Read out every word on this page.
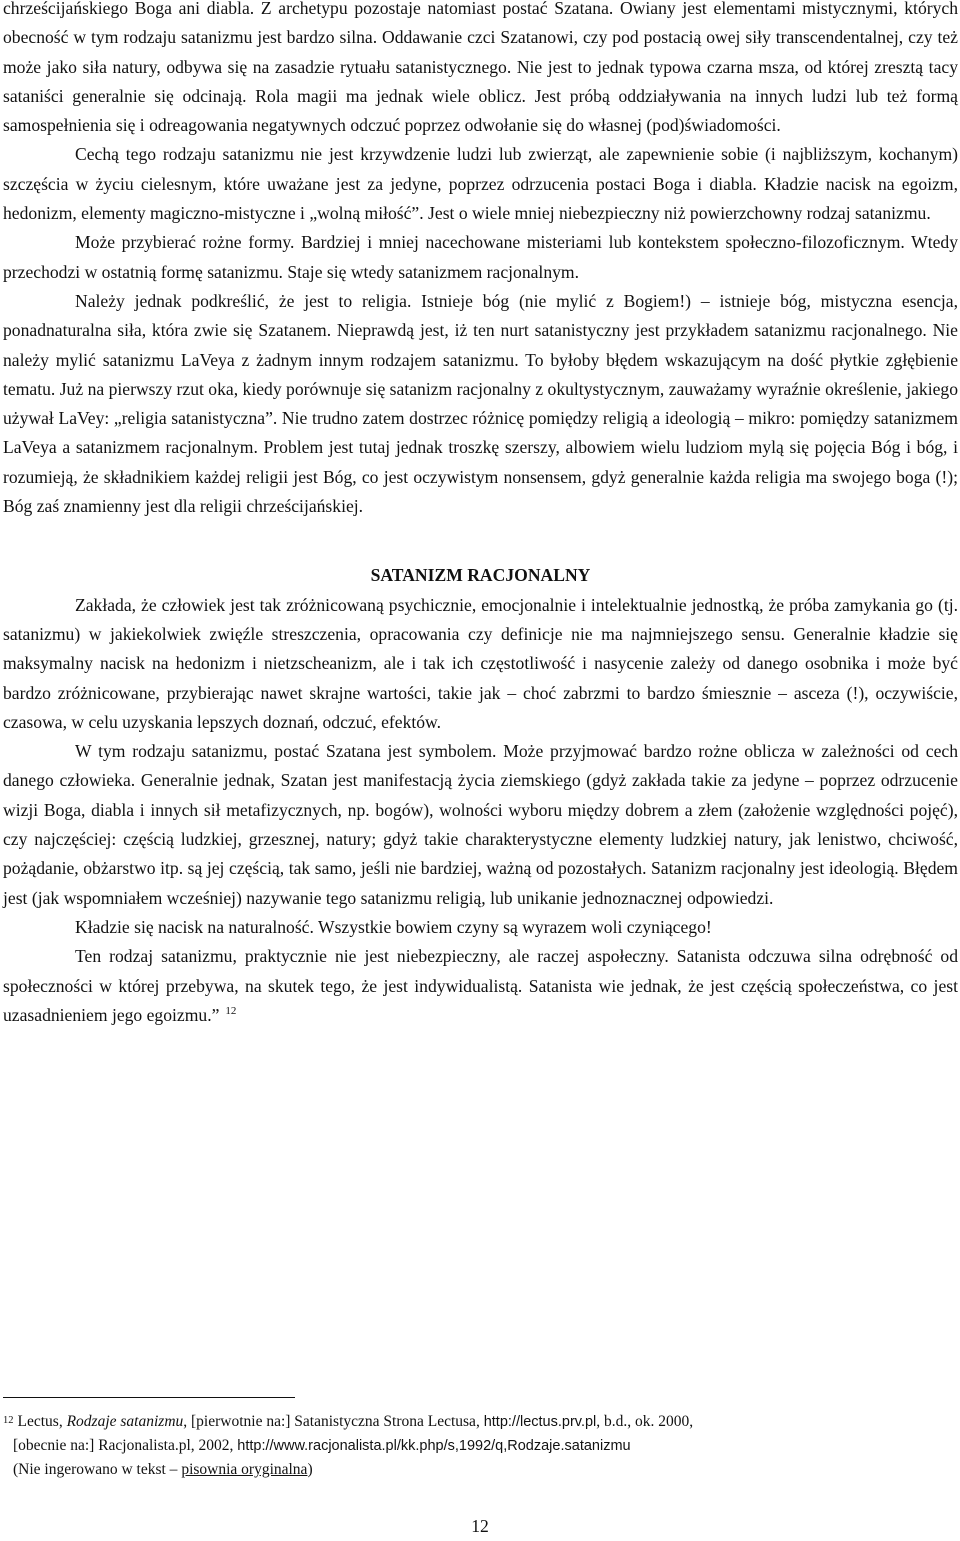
chrześcijańskiego Boga ani diabla. Z archetypu pozostaje natomiast postać Szatana. Owiany jest elementami mistycznymi, których obecność w tym rodzaju satanizmu jest bardzo silna. Oddawanie czci Szatanowi, czy pod postacią owej siły transcendentalnej, czy też może jako siła natury, odbywa się na zasadzie rytuału satanistycznego. Nie jest to jednak typowa czarna msza, od której zresztą tacy sataniści generalnie się odcinają. Rola magii ma jednak wiele oblicz. Jest próbą oddziaływania na innych ludzi lub też formą samospełnienia się i odreagowania negatywnych odczuć poprzez odwołanie się do własnej (pod)świadomości.

Cechą tego rodzaju satanizmu nie jest krzywdzenie ludzi lub zwierząt, ale zapewnienie sobie (i najbliższym, kochanym) szczęścia w życiu cielesnym, które uważane jest za jedyne, poprzez odrzucenia postaci Boga i diabla. Kładzie nacisk na egoizm, hedonizm, elementy magiczno-mistyczne i „wolną miłość”. Jest o wiele mniej niebezpieczny niż powierzchowny rodzaj satanizmu.

Może przybierać rożne formy. Bardziej i mniej nacechowane misteriami lub kontekstem społeczno-filozoficznym. Wtedy przechodzi w ostatnią formę satanizmu. Staje się wtedy satanizmem racjonalnym.

Należy jednak podkreślić, że jest to religia. Istnieje bóg (nie mylić z Bogiem!) – istnieje bóg, mistyczna esencja, ponadnaturalna siła, która zwie się Szatanem. Nieprawdą jest, iż ten nurt satanistyczny jest przykładem satanizmu racjonalnego. Nie należy mylić satanizmu LaVeya z żadnym innym rodzajem satanizmu. To byłoby błędem wskazującym na dość płytkie zgłębienie tematu. Już na pierwszy rzut oka, kiedy porównuje się satanizm racjonalny z okultystycznym, zauważamy wyraźnie określenie, jakiego używał LaVey: „religia satanistyczna”. Nie trudno zatem dostrzec różnicę pomiędzy religią a ideologią – mikro: pomiędzy satanizmem LaVeya a satanizmem racjonalnym. Problem jest tutaj jednak troszkę szerszy, albowiem wielu ludziom mylą się pojęcia Bóg i bóg, i rozumieją, że składnikiem każdej religii jest Bóg, co jest oczywistym nonsensem, gdyż generalnie każda religia ma swojego boga (!); Bóg zaś znamienny jest dla religii chrześcijańskiej.

SATANIZM RACJONALNY

Zakłada, że człowiek jest tak zróżnicowaną psychicznie, emocjonalnie i intelektualnie jednostką, że próba zamykania go (tj. satanizmu) w jakiekolwiek zwięźle streszczenia, opracowania czy definicje nie ma najmniejszego sensu. Generalnie kładzie się maksymalny nacisk na hedonizm i nietzscheanizm, ale i tak ich częstotliwość i nasycenie zależy od danego osobnika i może być bardzo zróżnicowane, przybierając nawet skrajne wartości, takie jak – choć zabrzmi to bardzo śmiesznie – asceza (!), oczywiście, czasowa, w celu uzyskania lepszych doznań, odczuć, efektów.

W tym rodzaju satanizmu, postać Szatana jest symbolem. Może przyjmować bardzo rożne oblicza w zależności od cech danego człowieka. Generalnie jednak, Szatan jest manifestacją życia ziemskiego (gdyż zakłada takie za jedyne – poprzez odrzucenie wizji Boga, diabla i innych sił metafizycznych, np. bogów), wolności wyboru między dobrem a złem (założenie względności pojęć), czy najczęściej: częścią ludzkiej, grzesznej, natury; gdyż takie charakterystyczne elementy ludzkiej natury, jak lenistwo, chciwość, pożądanie, obżarstwo itp. są jej częścią, tak samo, jeśli nie bardziej, ważną od pozostałych. Satanizm racjonalny jest ideologią. Błędem jest (jak wspomniałem wcześniej) nazywanie tego satanizmu religią, lub unikanie jednoznacznej odpowiedzi.

Kładzie się nacisk na naturalność. Wszystkie bowiem czyny są wyrazem woli czyniącego!

Ten rodzaj satanizmu, praktycznie nie jest niebezpieczny, ale raczej aspołeczny. Satanista odczuwa silna odrębność od społeczności w której przebywa, na skutek tego, że jest indywidualistą. Satanista wie jednak, że jest częścią społeczeństwa, co jest uzasadnieniem jego egoizmu.” $^{12}$

12 Lectus, Rodzaje satanizmu, [pierwotnie na:] Satanistyczna Strona Lectusa, http://lectus.prv.pl, b.d., ok. 2000,
[obecnie na:] Racjonalista.pl, 2002, http://www.racjonalista.pl/kk.php/s,1992/q,Rodzaje.satanizmu
(Nie ingerowano w tekst – pisownia oryginalna)
12
